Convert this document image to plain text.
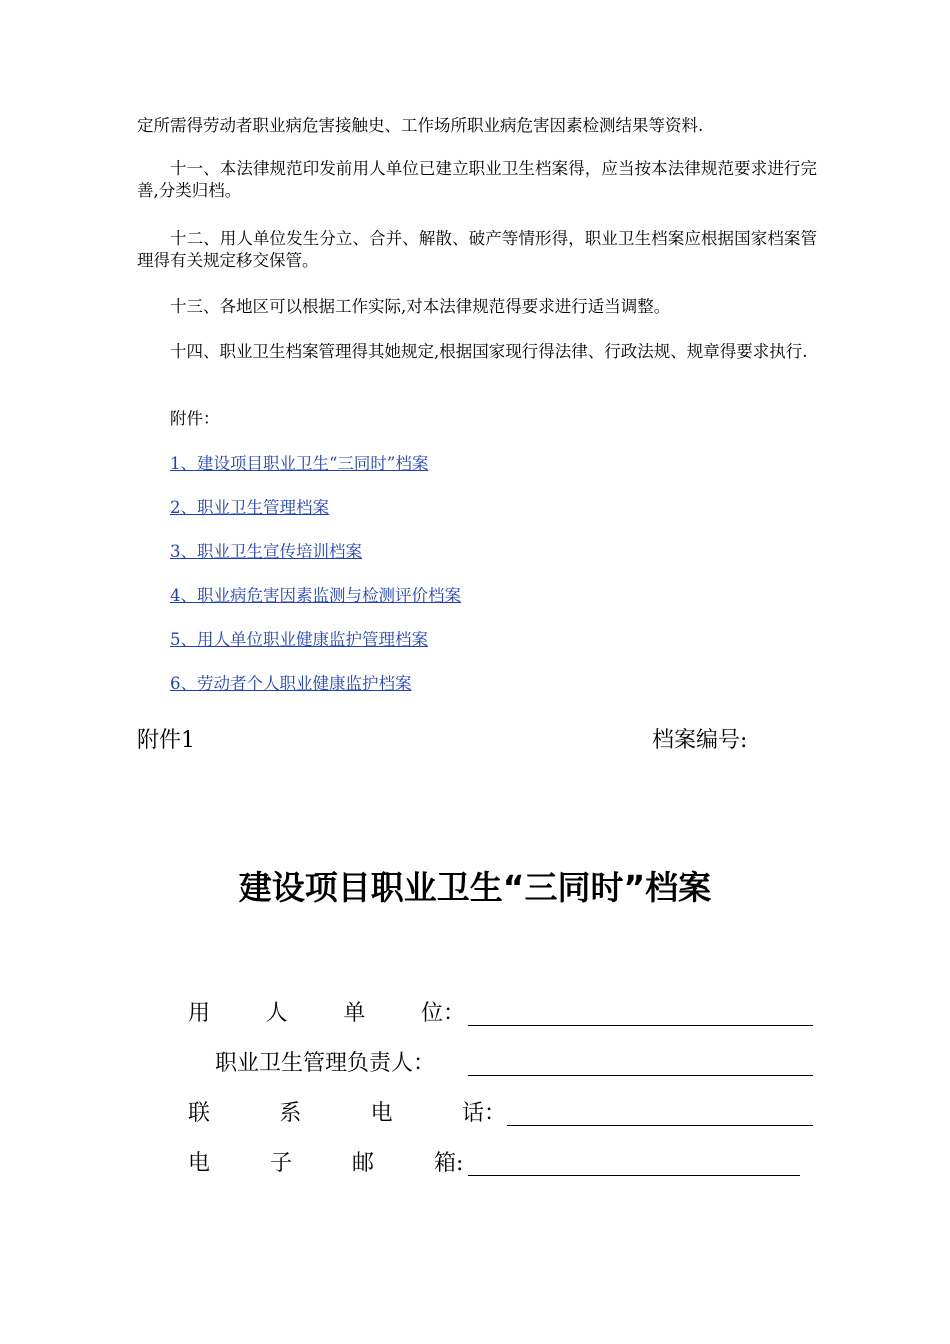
定所需得劳动者职业病危害接触史、工作场所职业病危害因素检测结果等资料.
十一、本法律规范印发前用人单位已建立职业卫生档案得，应当按本法律规范要求进行完善,分类归档。
十二、用人单位发生分立、合并、解散、破产等情形得，职业卫生档案应根据国家档案管理得有关规定移交保管。
十三、各地区可以根据工作实际,对本法律规范得要求进行适当调整。
十四、职业卫生档案管理得其她规定,根据国家现行得法律、行政法规、规章得要求执行.
附件：
1、建设项目职业卫生“三同时”档案
2、职业卫生管理档案
3、职业卫生宣传培训档案
4、职业病危害因素监测与检测评价档案
5、用人单位职业健康监护管理档案
6、劳动者个人职业健康监护档案
附件1	档案编号:
建设项目职业卫生“三同时”档案
用人单位：
职业卫生管理负责人：
联系电话：
电子邮箱:
